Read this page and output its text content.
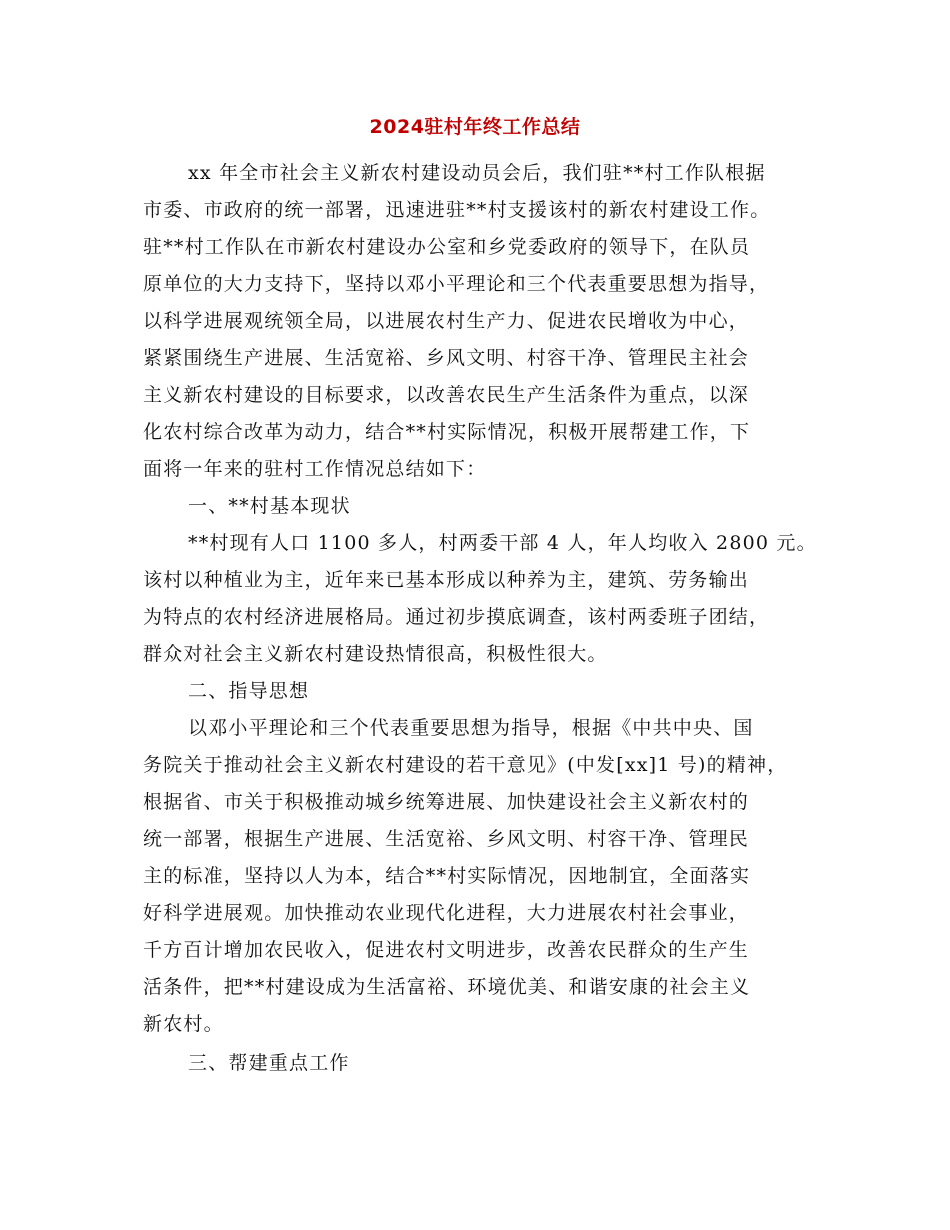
2024驻村年终工作总结

xx 年全市社会主义新农村建设动员会后，我们驻**村工作队根据

市委、市政府的统一部署，迅速进驻**村支援该村的新农村建设工作。

驻**村工作队在市新农村建设办公室和乡党委政府的领导下，在队员

原单位的大力支持下，坚持以邓小平理论和三个代表重要思想为指导，

以科学进展观统领全局，以进展农村生产力、促进农民增收为中心，

紧紧围绕生产进展、生活宽裕、乡风文明、村容干净、管理民主社会

主义新农村建设的目标要求，以改善农民生产生活条件为重点，以深

化农村综合改革为动力，结合**村实际情况，积极开展帮建工作，下

面将一年来的驻村工作情况总结如下：

一、**村基本现状

**村现有人口 1100 多人，村两委干部 4 人，年人均收入 2800 元。

该村以种植业为主，近年来已基本形成以种养为主，建筑、劳务输出

为特点的农村经济进展格局。通过初步摸底调查，该村两委班子团结，

群众对社会主义新农村建设热情很高，积极性很大。

二、指导思想

以邓小平理论和三个代表重要思想为指导，根据《中共中央、国

务院关于推动社会主义新农村建设的若干意见》(中发[xx]1 号)的精神，

根据省、市关于积极推动城乡统筹进展、加快建设社会主义新农村的

统一部署，根据生产进展、生活宽裕、乡风文明、村容干净、管理民

主的标准，坚持以人为本，结合**村实际情况，因地制宜，全面落实

好科学进展观。加快推动农业现代化进程，大力进展农村社会事业，

千方百计增加农民收入，促进农村文明进步，改善农民群众的生产生

活条件，把**村建设成为生活富裕、环境优美、和谐安康的社会主义

新农村。

三、帮建重点工作
